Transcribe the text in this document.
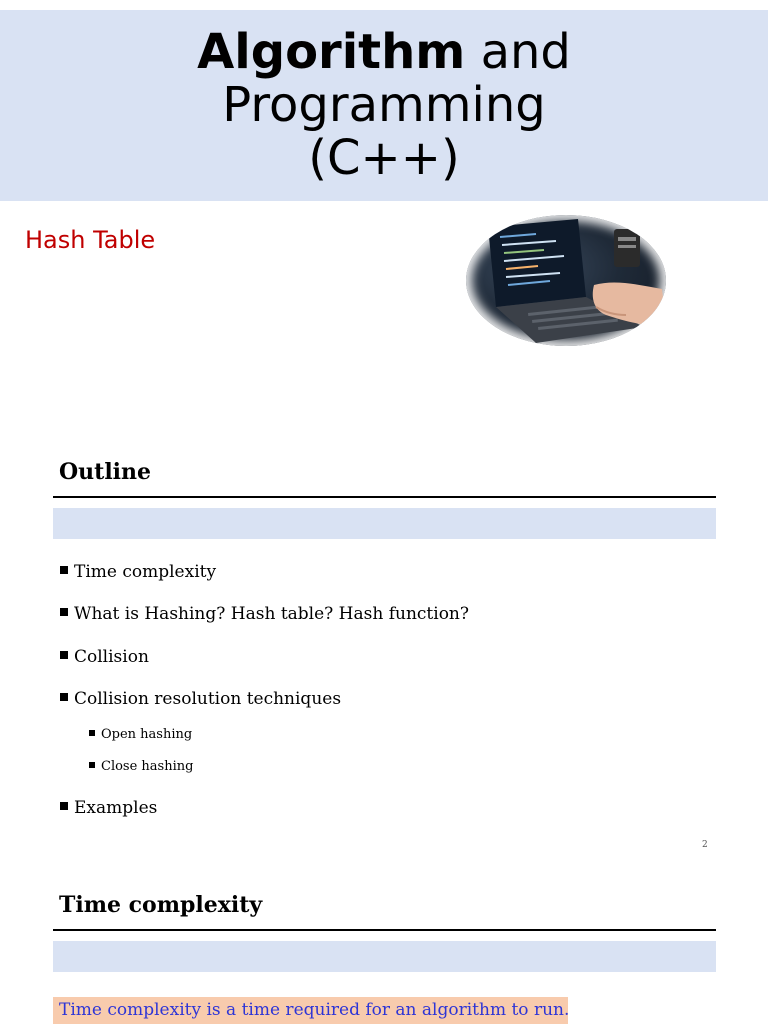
Algorithm and
Programming
(C++)
Hash Table
Outline
Time complexity
What is Hashing? Hash table? Hash function?
Collision
Collision resolution techniques
Open hashing
Close hashing
Examples
2
Time complexity
Time complexity is a time required for an algorithm to run.
